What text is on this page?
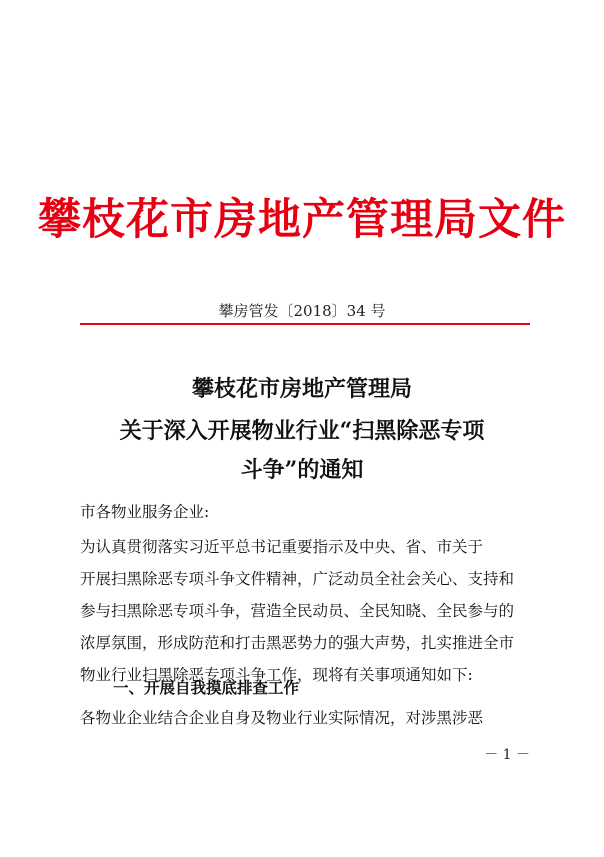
攀枝花市房地产管理局文件
攀房管发〔2018〕34 号
攀枝花市房地产管理局
关于深入开展物业行业“扫黑除恶专项
斗争”的通知
市各物业服务企业:
为认真贯彻落实习近平总书记重要指示及中央、省、市关于
开展扫黑除恶专项斗争文件精神，广泛动员全社会关心、支持和
参与扫黑除恶专项斗争，营造全民动员、全民知晓、全民参与的
浓厚氛围，形成防范和打击黑恶势力的强大声势，扎实推进全市
物业行业扫黑除恶专项斗争工作，现将有关事项通知如下:
一、开展自我摸底排查工作
各物业企业结合企业自身及物业行业实际情况，对涉黑涉恶
－ 1 －
